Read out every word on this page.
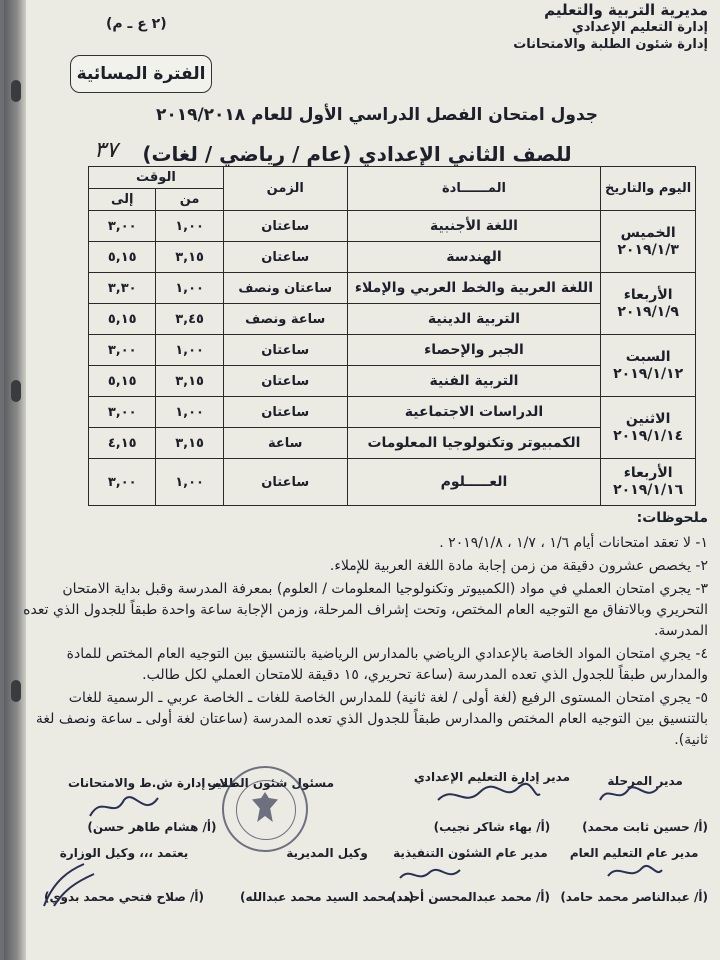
مديرية التربية والتعليم
إدارة التعليم الإعدادي
إدارة شئون الطلبة والامتحانات
(٢ ع ـ م)
الفترة المسائية
جدول امتحان الفصل الدراسي الأول للعام ٢٠١٩/٢٠١٨
للصف الثاني الإعدادي (عام / رياضي / لغات)
٣٧
اليوم والتاريخ	المــــــادة	الزمن	الوقت	
			من	إلى
الخميس
٢٠١٩/١/٣	اللغة الأجنبية	ساعتان	١,٠٠	٣,٠٠
	الهندسة	ساعتان	٣,١٥	٥,١٥
الأربعاء
٢٠١٩/١/٩	اللغة العربية والخط العربي والإملاء	ساعتان ونصف	١,٠٠	٣,٣٠
	التربية الدينية	ساعة ونصف	٣,٤٥	٥,١٥
السبت
٢٠١٩/١/١٢	الجبر والإحصاء	ساعتان	١,٠٠	٣,٠٠
	التربية الفنية	ساعتان	٣,١٥	٥,١٥
الاثنين
٢٠١٩/١/١٤	الدراسات الاجتماعية	ساعتان	١,٠٠	٣,٠٠
	الكمبيوتر وتكنولوجيا المعلومات	ساعة	٣,١٥	٤,١٥
الأربعاء
٢٠١٩/١/١٦	العـــــلوم	ساعتان	١,٠٠	٣,٠٠
ملحوظات:

١- لا تعقد امتحانات أيام ١/٦ ، ١/٧ ، ٢٠١٩/١/٨ .

٢- يخصص عشرون دقيقة من زمن إجابة مادة اللغة العربية للإملاء.

٣- يجري امتحان العملي في مواد (الكمبيوتر وتكنولوجيا المعلومات / العلوم) بمعرفة المدرسة وقبل بداية الامتحان التحريري وبالاتفاق مع التوجيه العام المختص، وتحت إشراف المرحلة، وزمن الإجابة ساعة واحدة طبقاً للجدول الذي تعده المدرسة.

٤- يجري امتحان المواد الخاصة بالإعدادي الرياضي بالمدارس الرياضية بالتنسيق بين التوجيه العام المختص للمادة والمدارس طبقاً للجدول الذي تعده المدرسة (ساعة تحريري، ١٥ دقيقة للامتحان العملي لكل طالب.

٥- يجري امتحان المستوى الرفيع (لغة أولى / لغة ثانية) للمدارس الخاصة للغات ـ الخاصة عربي ـ الرسمية للغات بالتنسيق بين التوجيه العام المختص والمدارس طبقاً للجدول الذي تعده المدرسة (ساعتان لغة أولى ـ ساعة ونصف لغة ثانية).

مدير المرحلة
(أ/ حسين ثابت محمد)
مدير إدارة التعليم الإعدادي
(أ/ بهاء شاكر نجيب)
مسئول شئون الطلاب
مدير إدارة ش.ط والامتحانات
(أ/ هشام طاهر حسن)
مدير عام التعليم العام
(أ/ عبدالناصر محمد حامد)
مدير عام الشئون التنفيذية
(أ/ محمد عبدالمحسن أحمد)
وكيل المديرية
(د. محمد السيد محمد عبدالله)
يعتمد ،،، وكيل الوزارة
(أ/ صلاح فتحي محمد بدوي)
